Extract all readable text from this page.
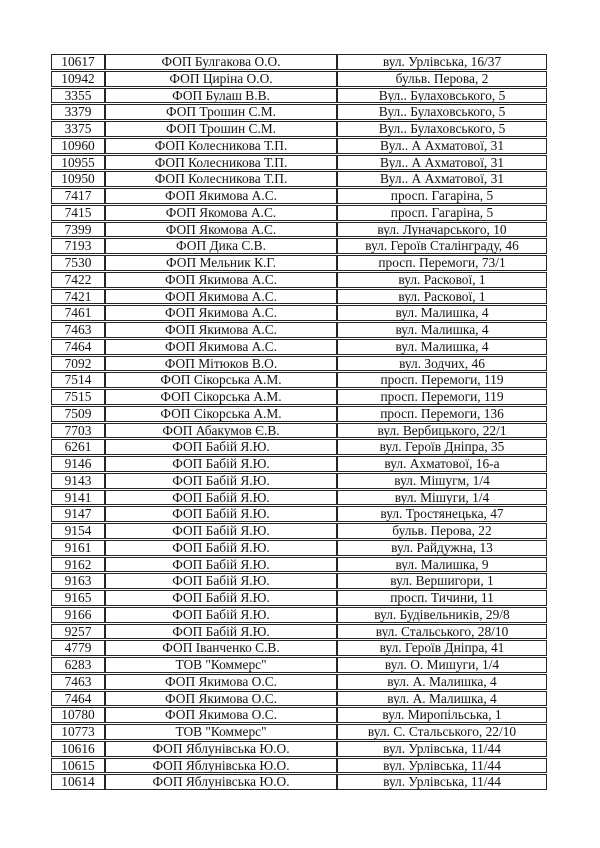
10617	ФОП Булгакова О.О.	вул. Урлівська, 16/37
10942	ФОП Циріна О.О.	бульв. Перова, 2
3355	ФОП Булаш В.В.	Вул.. Булаховського, 5
3379	ФОП Трошин С.М.	Вул.. Булаховського, 5
3375	ФОП Трошин С.М.	Вул.. Булаховського, 5
10960	ФОП Колесникова Т.П.	Вул.. А Ахматової, 31
10955	ФОП Колесникова Т.П.	Вул.. А Ахматової, 31
10950	ФОП Колесникова Т.П.	Вул.. А Ахматової, 31
7417	ФОП Якимова А.С.	просп. Гагаріна, 5
7415	ФОП Якомова А.С.	просп. Гагаріна, 5
7399	ФОП Якомова А.С.	вул. Луначарського, 10
7193	ФОП Дика С.В.	вул. Героїв Сталінграду, 46
7530	ФОП Мельник К.Г.	просп. Перемоги, 73/1
7422	ФОП Якимова А.С.	вул. Раскової, 1
7421	ФОП Якимова А.С.	вул. Раскової, 1
7461	ФОП Якимова А.С.	вул. Малишка, 4
7463	ФОП Якимова А.С.	вул. Малишка, 4
7464	ФОП Якимова А.С.	вул. Малишка, 4
7092	ФОП Мітюков В.О.	вул. Зодчих, 46
7514	ФОП Сікорська А.М.	просп. Перемоги, 119
7515	ФОП Сікорська А.М.	просп. Перемоги, 119
7509	ФОП Сікорська А.М.	просп. Перемоги, 136
7703	ФОП Абакумов Є.В.	вул. Вербицького, 22/1
6261	ФОП Бабій Я.Ю.	вул. Героїв Дніпра, 35
9146	ФОП Бабій Я.Ю.	вул. Ахматової, 16-а
9143	ФОП Бабій Я.Ю.	вул. Мішугм, 1/4
9141	ФОП Бабій Я.Ю.	вул. Мішуги, 1/4
9147	ФОП Бабій Я.Ю.	вул. Тростянецька, 47
9154	ФОП Бабій Я.Ю.	бульв. Перова, 22
9161	ФОП Бабій Я.Ю.	вул. Райдужна, 13
9162	ФОП Бабій Я.Ю.	вул. Малишка, 9
9163	ФОП Бабій Я.Ю.	вул. Вершигори, 1
9165	ФОП Бабій Я.Ю.	просп. Тичини, 11
9166	ФОП Бабій Я.Ю.	вул. Будівельників, 29/8
9257	ФОП Бабій Я.Ю.	вул. Стальського, 28/10
4779	ФОП Іванченко С.В.	вул. Героїв Дніпра, 41
6283	ТОВ "Коммерс"	вул. О. Мишуги, 1/4
7463	ФОП Якимова О.С.	вул. А. Малишка, 4
7464	ФОП Якимова О.С.	вул. А. Малишка, 4
10780	ФОП Якимова О.С.	вул. Миропільська, 1
10773	ТОВ "Коммерс"	вул. С. Стальського, 22/10
10616	ФОП Яблунівська Ю.О.	вул. Урлівська, 11/44
10615	ФОП Яблунівська Ю.О.	вул. Урлівська, 11/44
10614	ФОП Яблунівська Ю.О.	вул. Урлівська, 11/44
